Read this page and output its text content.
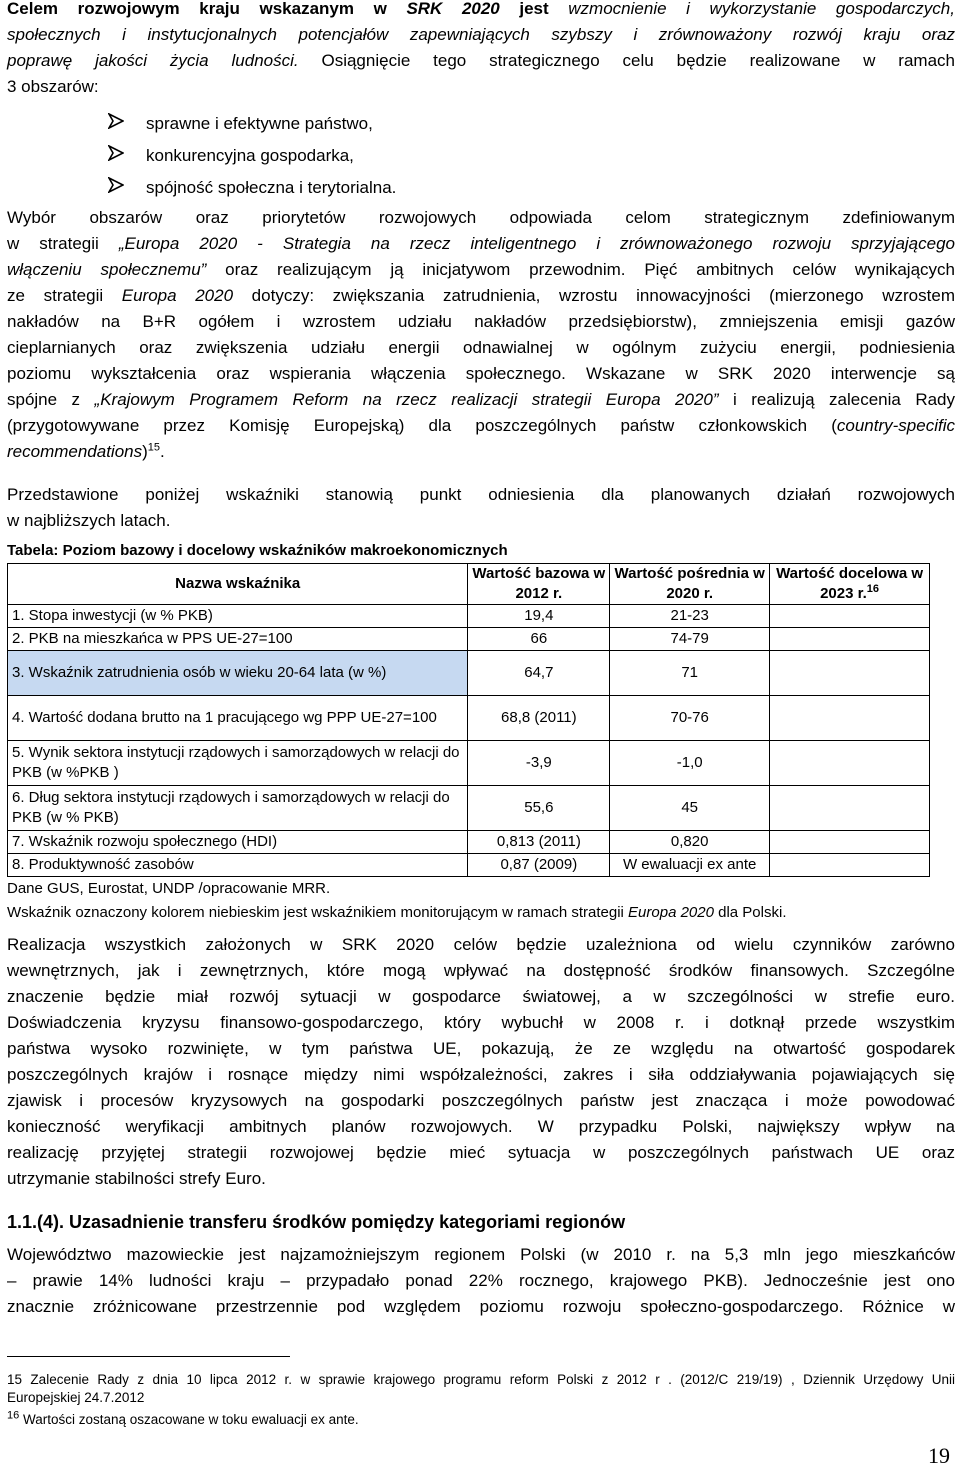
Celem rozwojowym kraju wskazanym w SRK 2020 jest wzmocnienie i wykorzystanie gospodarczych,
społecznych i instytucjonalnych potencjałów zapewniających szybszy i zrównoważony rozwój kraju oraz
poprawę jakości życia ludności. Osiągnięcie tego strategicznego celu będzie realizowane w ramach
3 obszarów:
sprawne i efektywne państwo,
konkurencyjna gospodarka,
spójność społeczna i terytorialna.
Wybór obszarów oraz priorytetów rozwojowych odpowiada celom strategicznym zdefiniowanym
w strategii „Europa 2020 - Strategia na rzecz inteligentnego i zrównoważonego rozwoju sprzyjającego
włączeniu społecznemu” oraz realizującym ją inicjatywom przewodnim. Pięć ambitnych celów wynikających
ze strategii Europa 2020 dotyczy: zwiększania zatrudnienia, wzrostu innowacyjności (mierzonego wzrostem
nakładów na B+R ogółem i wzrostem udziału nakładów przedsiębiorstw), zmniejszenia emisji gazów
cieplarnianych oraz zwiększenia udziału energii odnawialnej w ogólnym zużyciu energii, podniesienia
poziomu wykształcenia oraz wspierania włączenia społecznego. Wskazane w SRK 2020 interwencje są
spójne z „Krajowym Programem Reform na rzecz realizacji strategii Europa 2020” i realizują zalecenia Rady
(przygotowywane przez Komisję Europejską) dla poszczególnych państw członkowskich (country-specific
recommendations)$^{15}$.
Przedstawione poniżej wskaźniki stanowią punkt odniesienia dla planowanych działań rozwojowych
w najbliższych latach.
Tabela: Poziom bazowy i docelowy wskaźników makroekonomicznych
Nazwa wskaźnika	Wartość bazowa w 2012 r.	Wartość pośrednia w 2020 r.	Wartość docelowa w 2023 r.$^{16}$
1. Stopa inwestycji (w % PKB)	19,4	21-23	
2. PKB na mieszkańca w PPS UE-27=100	66	74-79	
3. Wskaźnik zatrudnienia osób w wieku 20-64 lata (w %)	64,7	71	
4. Wartość dodana brutto na 1 pracującego wg PPP UE-27=100	68,8 (2011)	70-76	
5. Wynik sektora instytucji rządowych i samorządowych w relacji do PKB (w %PKB )	-3,9	-1,0	
6. Dług sektora instytucji rządowych i samorządowych w relacji do PKB (w % PKB)	55,6	45	
7. Wskaźnik rozwoju społecznego (HDI)	0,813 (2011)	0,820	
8. Produktywność zasobów	0,87 (2009)	W ewaluacji ex ante	
Dane GUS, Eurostat, UNDP /opracowanie MRR.
Wskaźnik oznaczony kolorem niebieskim jest wskaźnikiem monitorującym w ramach strategii Europa 2020 dla Polski.
Realizacja wszystkich założonych w SRK 2020 celów będzie uzależniona od wielu czynników zarówno
wewnętrznych, jak i zewnętrznych, które mogą wpływać na dostępność środków finansowych. Szczególne
znaczenie będzie miał rozwój sytuacji w gospodarce światowej, a w szczególności w strefie euro.
Doświadczenia kryzysu finansowo-gospodarczego, który wybuchł w 2008 r. i dotknął przede wszystkim
państwa wysoko rozwinięte, w tym państwa UE, pokazują, że ze względu na otwartość gospodarek
poszczególnych krajów i rosnące między nimi współzależności, zakres i siła oddziaływania pojawiających się
zjawisk i procesów kryzysowych na gospodarki poszczególnych państw jest znacząca i może powodować
konieczność weryfikacji ambitnych planów rozwojowych. W przypadku Polski, największy wpływ na
realizację przyjętej strategii rozwojowej będzie mieć sytuacja w poszczególnych państwach UE oraz
utrzymanie stabilności strefy Euro.
1.1.(4). Uzasadnienie transferu środków pomiędzy kategoriami regionów
Województwo mazowieckie jest najzamożniejszym regionem Polski (w 2010 r. na 5,3 mln jego mieszkańców
– prawie 14% ludności kraju – przypadało ponad 22% rocznego, krajowego PKB). Jednocześnie jest ono
znacznie zróżnicowane przestrzennie pod względem poziomu rozwoju społeczno-gospodarczego. Różnice w
15 Zalecenie Rady z dnia 10 lipca 2012 r. w sprawie krajowego programu reform Polski z 2012 r . (2012/C 219/19) , Dziennik Urzędowy Unii
Europejskiej 24.7.2012
$^{16}$ Wartości zostaną oszacowane w toku ewaluacji ex ante.
19
